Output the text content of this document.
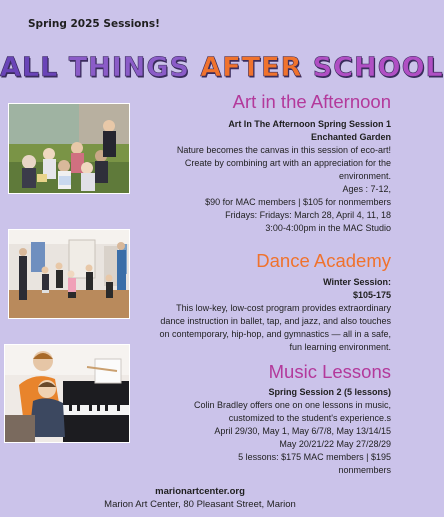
Spring 2025 Sessions!
ALL THINGS AFTER SCHOOL
Art in the Afternoon
Art In The Afternoon Spring Session 1
Enchanted Garden
Nature becomes the canvas in this session of eco-art!
Create by combining art with an appreciation for the
environment.
Ages : 7-12,
$90 for MAC members | $105 for nonmembers
Fridays: Fridays: March 28, April 4, 11, 18
3:00-4:00pm in the MAC Studio
Dance Academy
Winter Session:
$105-175
This low-key, low-cost program provides extraordinary
dance instruction in ballet, tap, and jazz, and also touches
on contemporary, hip-hop, and gymnastics — all in a safe,
fun learning environment.
Music Lessons
Spring Session 2 (5 lessons)
Colin Bradley offers one on one lessons in music,
customized to the student's experience.s
April 29/30, May 1, May 6/7/8, May 13/14/15
May 20/21/22 May 27/28/29
5 lessons: $175 MAC members | $195
nonmembers
marionartcenter.org
Marion Art Center, 80 Pleasant Street, Marion
